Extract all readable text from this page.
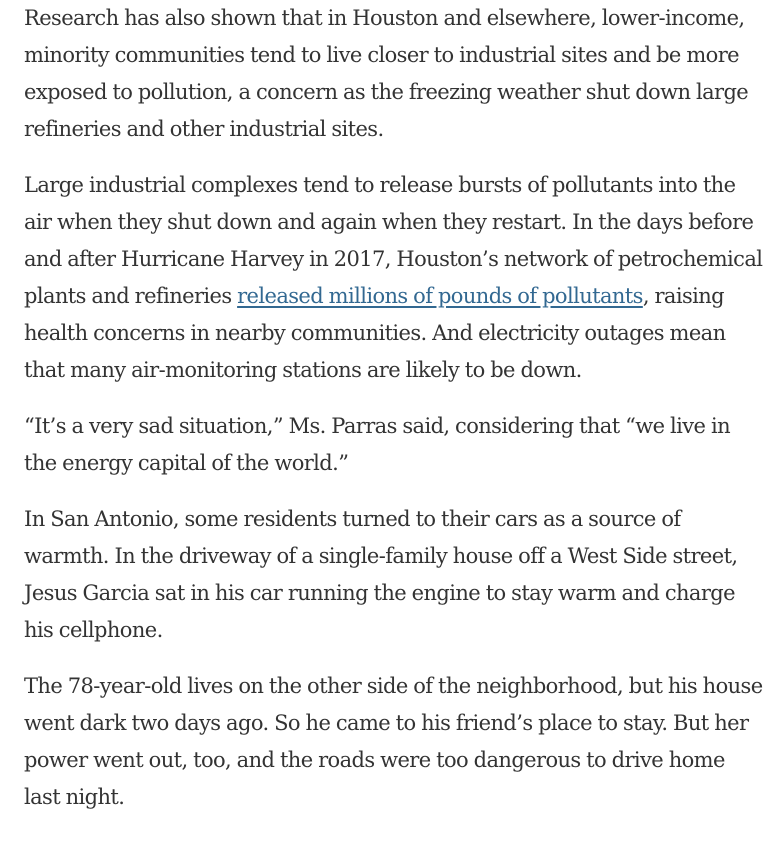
Research has also shown that in Houston and elsewhere, lower-income, minority communities tend to live closer to industrial sites and be more exposed to pollution, a concern as the freezing weather shut down large refineries and other industrial sites.

Large industrial complexes tend to release bursts of pollutants into the air when they shut down and again when they restart. In the days before and after Hurricane Harvey in 2017, Houston’s network of petrochemical plants and refineries released millions of pounds of pollutants, raising health concerns in nearby communities. And electricity outages mean that many air-monitoring stations are likely to be down.

“It’s a very sad situation,” Ms. Parras said, considering that “we live in the energy capital of the world.”

In San Antonio, some residents turned to their cars as a source of warmth. In the driveway of a single-family house off a West Side street, Jesus Garcia sat in his car running the engine to stay warm and charge his cellphone.

The 78-year-old lives on the other side of the neighborhood, but his house went dark two days ago. So he came to his friend’s place to stay. But her power went out, too, and the roads were too dangerous to drive home last night.
